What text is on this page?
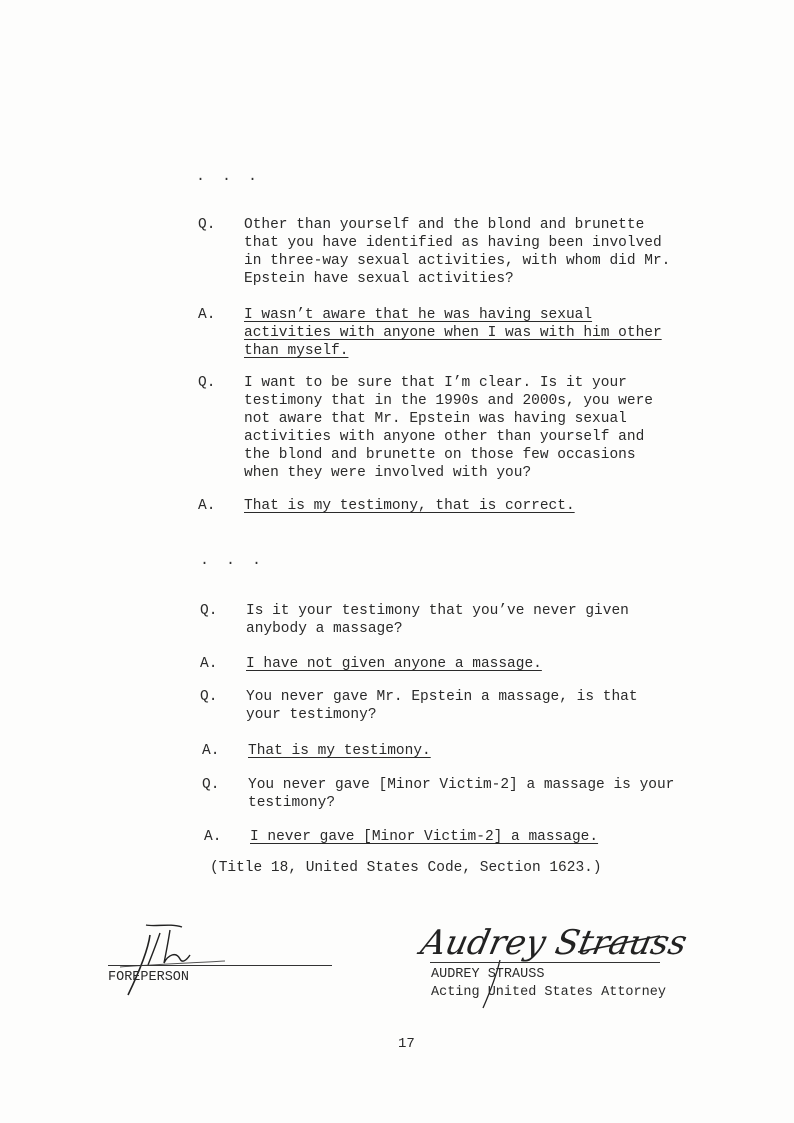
. . .
Q. Other than yourself and the blond and brunette
that you have identified as having been involved
in three-way sexual activities, with whom did Mr.
Epstein have sexual activities?
A. I wasn’t aware that he was having sexual
activities with anyone when I was with him other
than myself.
Q. I want to be sure that I’m clear. Is it your
testimony that in the 1990s and 2000s, you were
not aware that Mr. Epstein was having sexual
activities with anyone other than yourself and
the blond and brunette on those few occasions
when they were involved with you?
A. That is my testimony, that is correct.
. . .
Q. Is it your testimony that you’ve never given
anybody a massage?
A. I have not given anyone a massage.
Q. You never gave Mr. Epstein a massage, is that
your testimony?
A. That is my testimony.
Q. You never gave [Minor Victim-2] a massage is your
testimony?
A. I never gave [Minor Victim-2] a massage.
(Title 18, United States Code, Section 1623.)
FOREPERSON
Audrey Strauss
AUDREY STRAUSS
Acting United States Attorney
17
